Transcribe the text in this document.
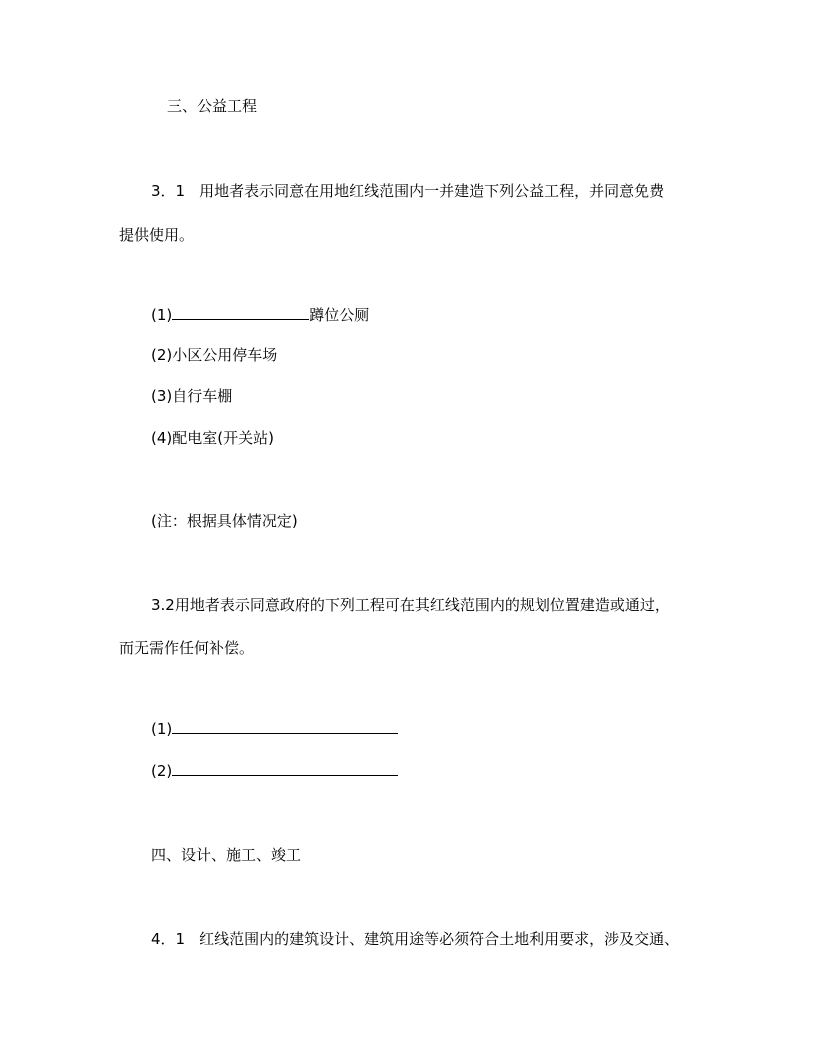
三、公益工程
3．1 用地者表示同意在用地红线范围内一并建造下列公益工程，并同意免费
提供使用。
(1)	蹲位公厕
(2)小区公用停车场
(3)自行车棚
(4)配电室(开关站)
(注：根据具体情况定)
3.2用地者表示同意政府的下列工程可在其红线范围内的规划位置建造或通过，
而无需作任何补偿。
(1)
(2)
四、设计、施工、竣工
4．1 红线范围内的建筑设计、建筑用途等必须符合土地利用要求，涉及交通、
